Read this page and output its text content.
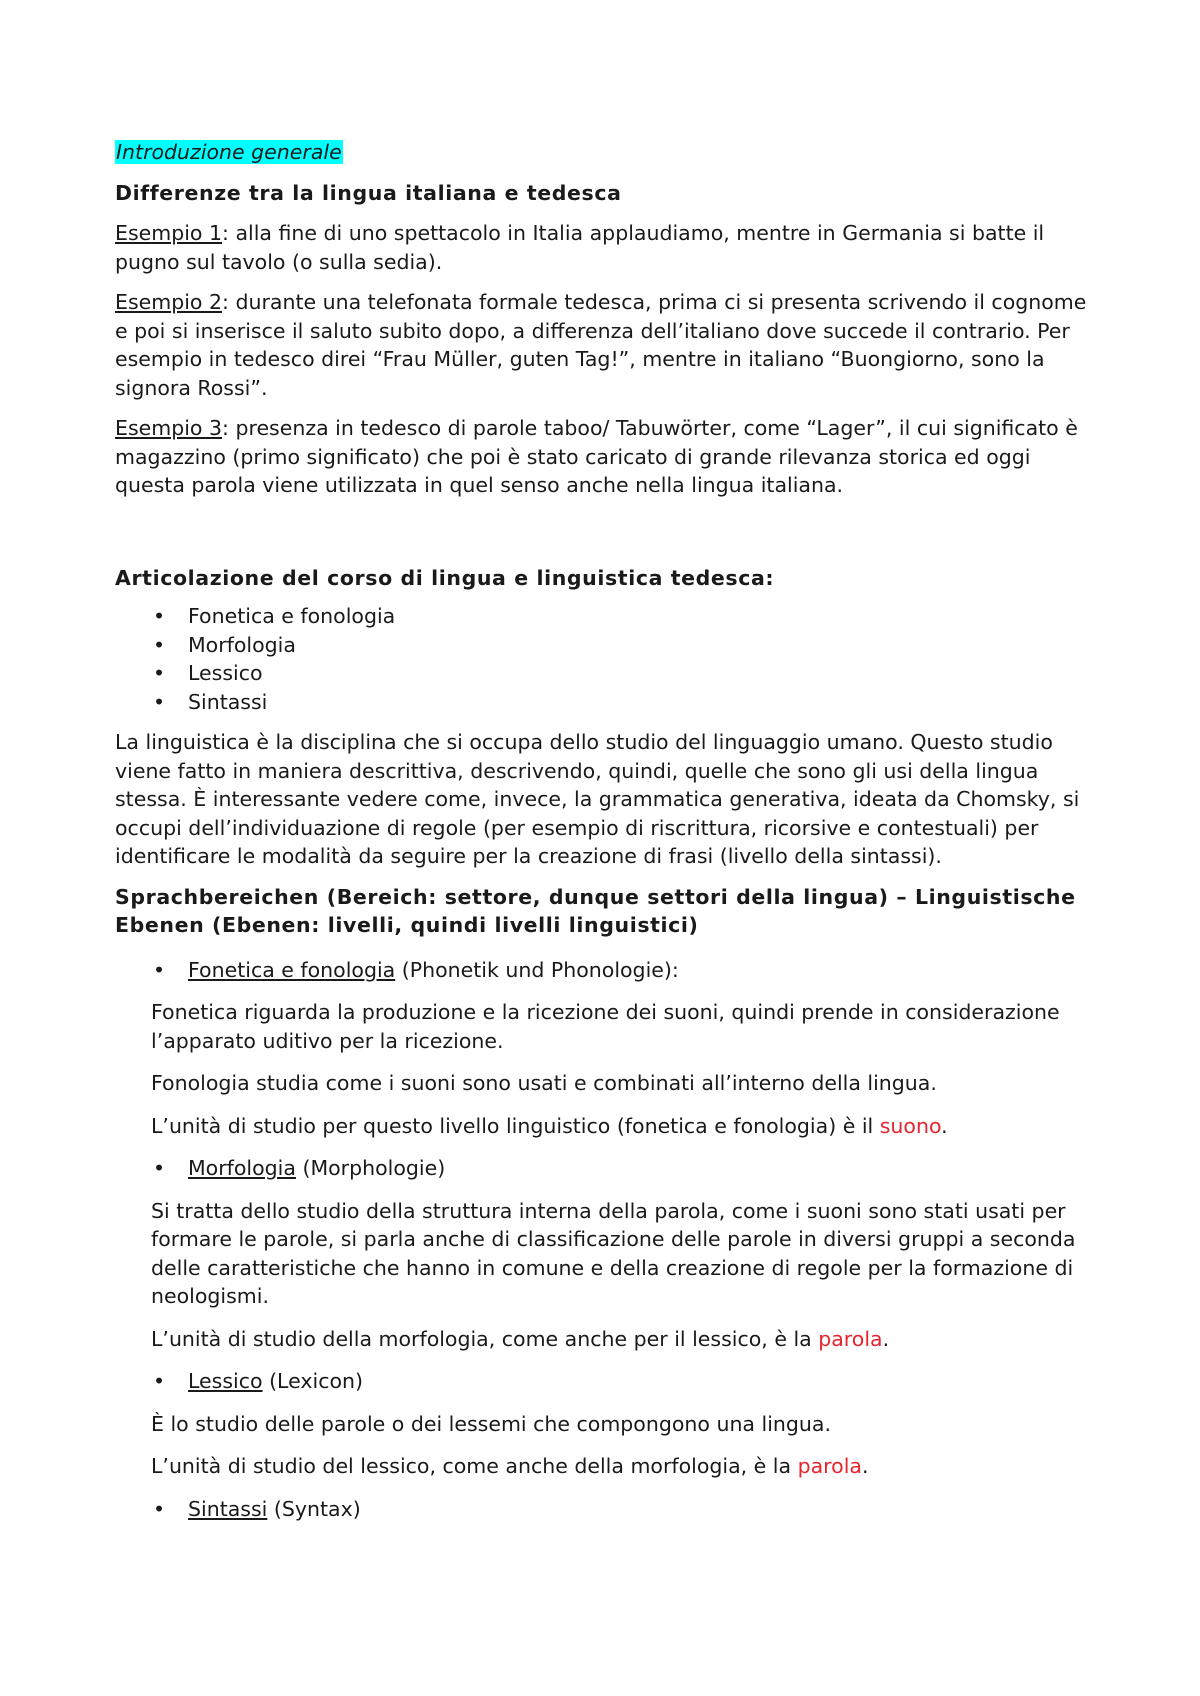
Introduzione generale

Differenze tra la lingua italiana e tedesca

Esempio 1: alla fine di uno spettacolo in Italia applaudiamo, mentre in Germania si batte il pugno sul tavolo (o sulla sedia).

Esempio 2: durante una telefonata formale tedesca, prima ci si presenta scrivendo il cognome e poi si inserisce il saluto subito dopo, a differenza dell’italiano dove succede il contrario. Per esempio in tedesco direi “Frau Müller, guten Tag!”, mentre in italiano “Buongiorno, sono la signora Rossi”.

Esempio 3: presenza in tedesco di parole taboo/ Tabuwörter, come “Lager”, il cui significato è magazzino (primo significato) che poi è stato caricato di grande rilevanza storica ed oggi questa parola viene utilizzata in quel senso anche nella lingua italiana.

Articolazione del corso di lingua e linguistica tedesca:

• Fonetica e fonologia
• Morfologia
• Lessico
• Sintassi

La linguistica è la disciplina che si occupa dello studio del linguaggio umano. Questo studio viene fatto in maniera descrittiva, descrivendo, quindi, quelle che sono gli usi della lingua stessa. È interessante vedere come, invece, la grammatica generativa, ideata da Chomsky, si occupi dell’individuazione di regole (per esempio di riscrittura, ricorsive e contestuali) per identificare le modalità da seguire per la creazione di frasi (livello della sintassi).

Sprachbereichen (Bereich: settore, dunque settori della lingua) – Linguistische Ebenen (Ebenen: livelli, quindi livelli linguistici)

• Fonetica e fonologia (Phonetik und Phonologie):

Fonetica riguarda la produzione e la ricezione dei suoni, quindi prende in considerazione l’apparato uditivo per la ricezione.

Fonologia studia come i suoni sono usati e combinati all’interno della lingua.

L’unità di studio per questo livello linguistico (fonetica e fonologia) è il suono.

• Morfologia (Morphologie)

Si tratta dello studio della struttura interna della parola, come i suoni sono stati usati per formare le parole, si parla anche di classificazione delle parole in diversi gruppi a seconda delle caratteristiche che hanno in comune e della creazione di regole per la formazione di neologismi.

L’unità di studio della morfologia, come anche per il lessico, è la parola.

• Lessico (Lexicon)

È lo studio delle parole o dei lessemi che compongono una lingua.

L’unità di studio del lessico, come anche della morfologia, è la parola.

• Sintassi (Syntax)
